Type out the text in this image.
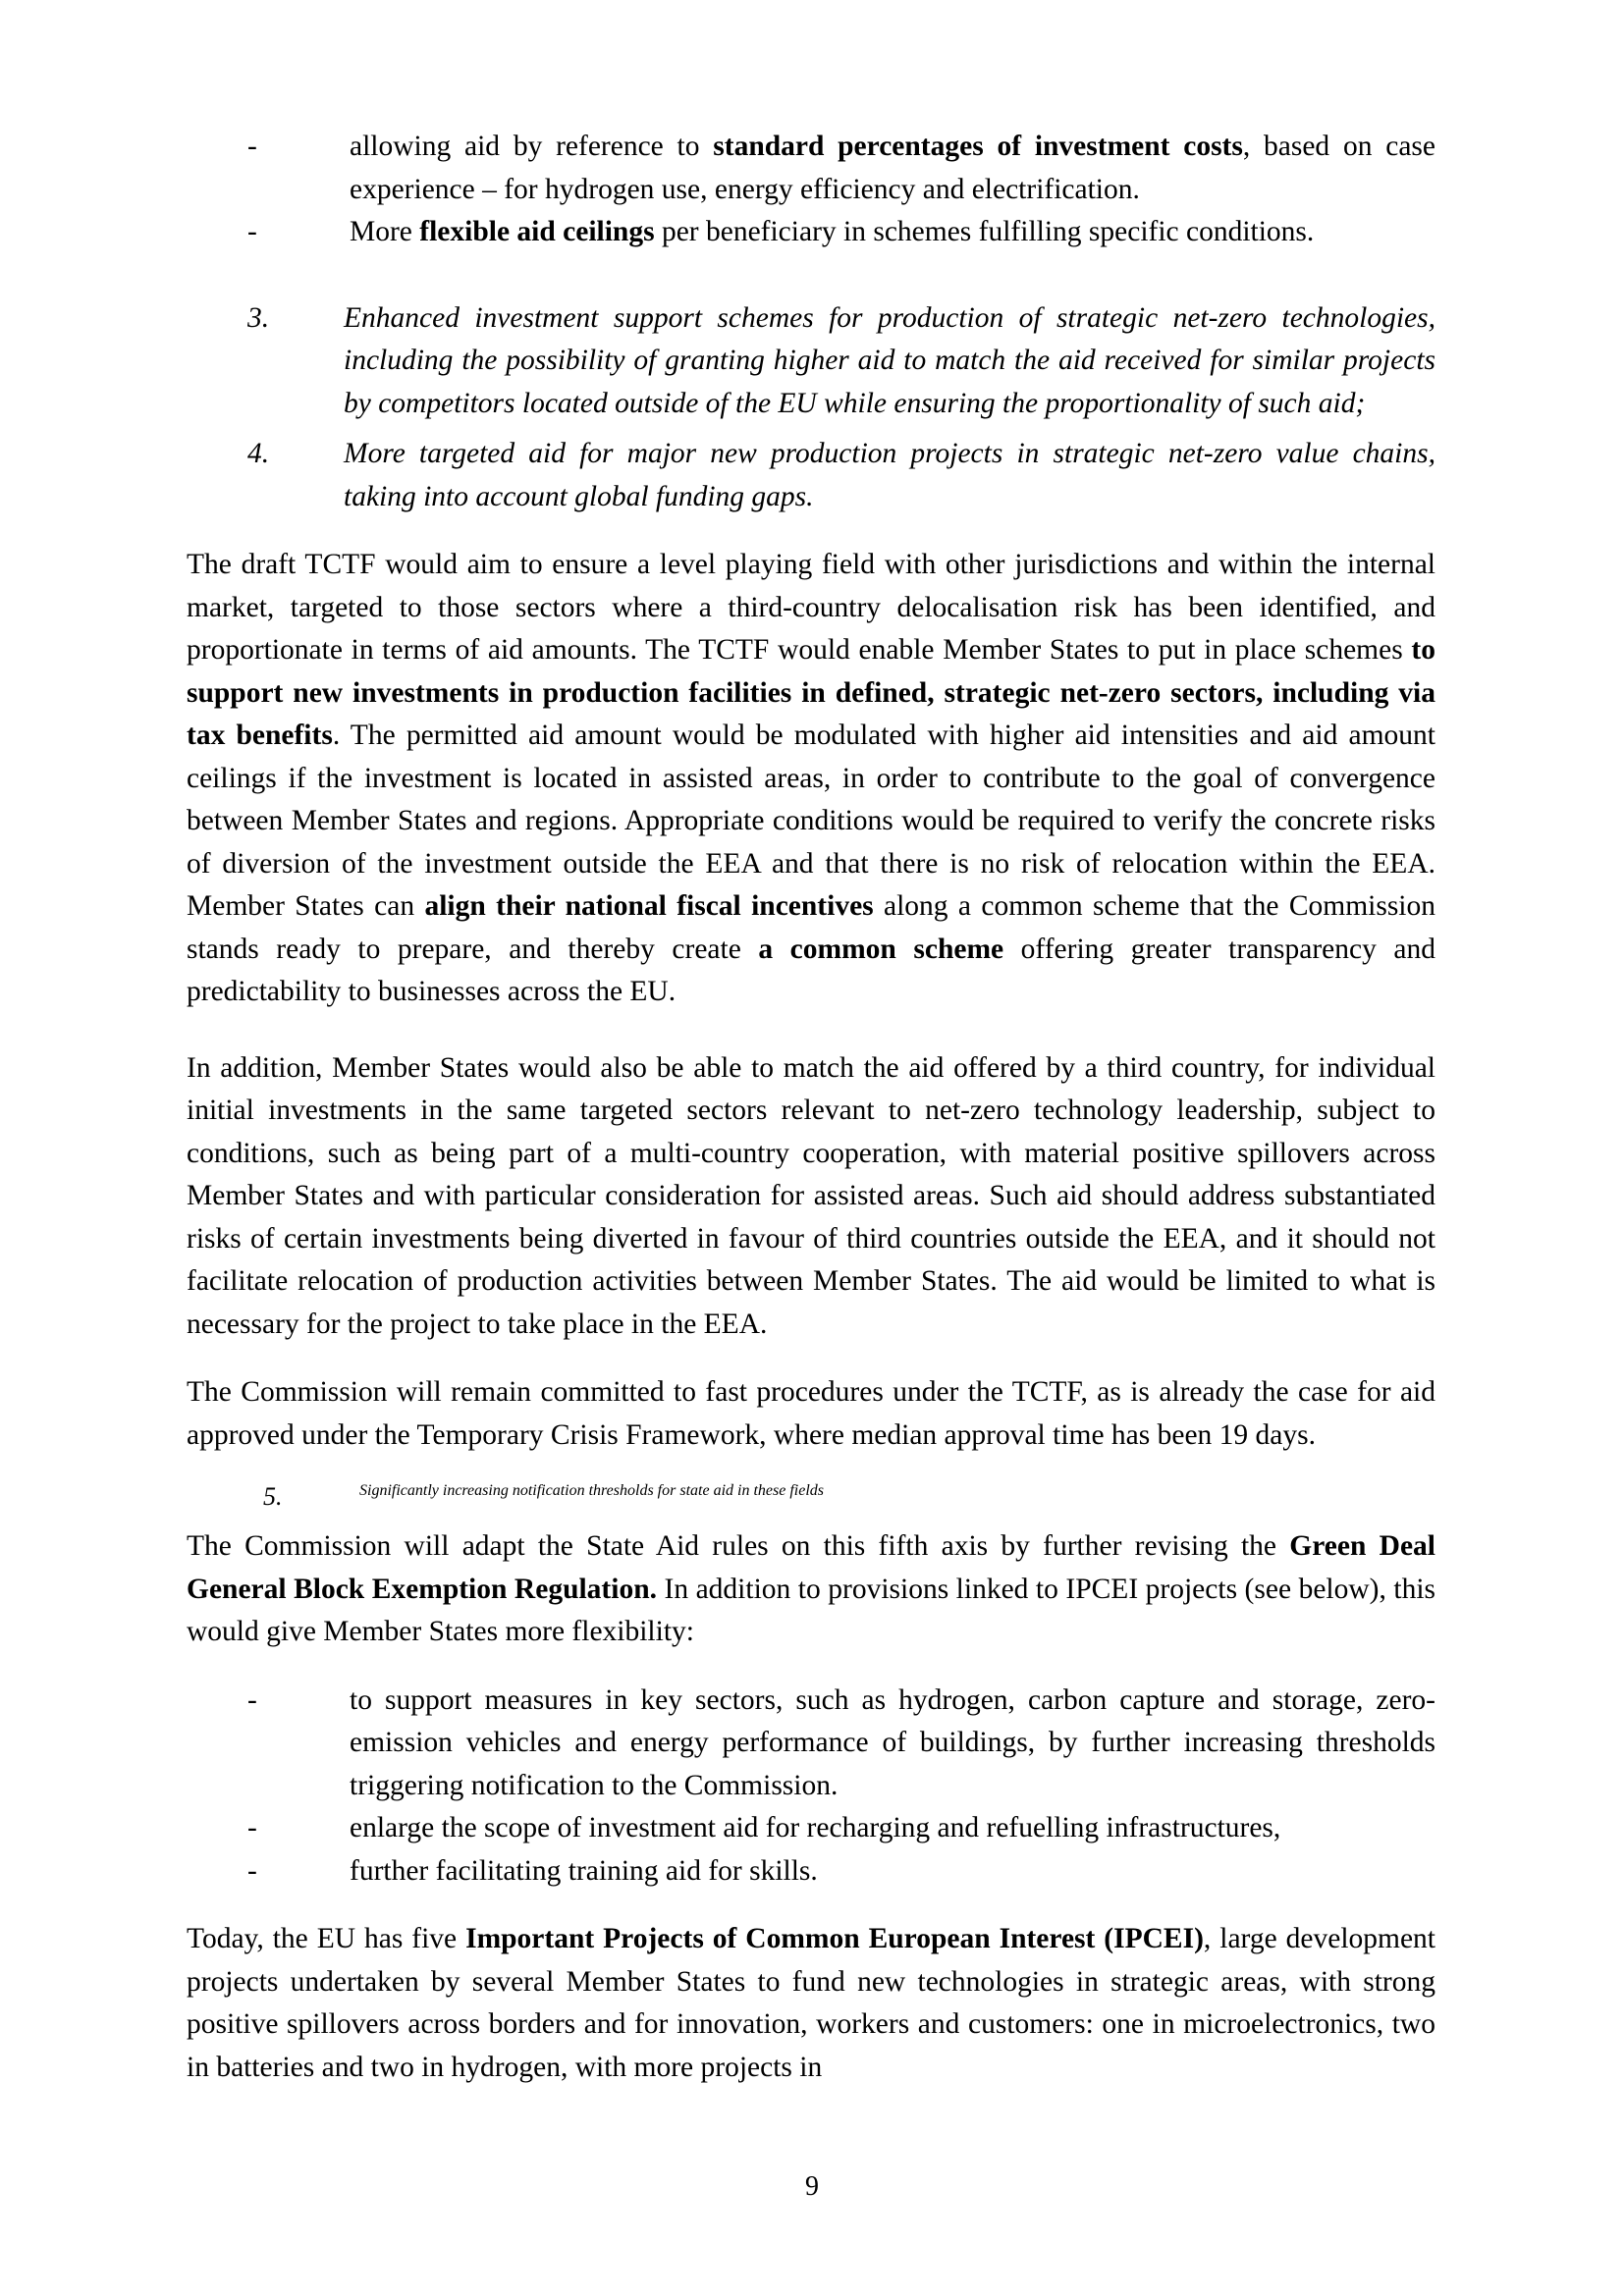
-	allowing aid by reference to standard percentages of investment costs, based on case experience – for hydrogen use, energy efficiency and electrification.
-	More flexible aid ceilings per beneficiary in schemes fulfilling specific conditions.
3.	Enhanced investment support schemes for production of strategic net-zero technologies, including the possibility of granting higher aid to match the aid received for similar projects by competitors located outside of the EU while ensuring the proportionality of such aid;
4.	More targeted aid for major new production projects in strategic net-zero value chains, taking into account global funding gaps.

The draft TCTF would aim to ensure a level playing field with other jurisdictions and within the internal market, targeted to those sectors where a third-country delocalisation risk has been identified, and proportionate in terms of aid amounts. The TCTF would enable Member States to put in place schemes to support new investments in production facilities in defined, strategic net-zero sectors, including via tax benefits. The permitted aid amount would be modulated with higher aid intensities and aid amount ceilings if the investment is located in assisted areas, in order to contribute to the goal of convergence between Member States and regions. Appropriate conditions would be required to verify the concrete risks of diversion of the investment outside the EEA and that there is no risk of relocation within the EEA. Member States can align their national fiscal incentives along a common scheme that the Commission stands ready to prepare, and thereby create a common scheme offering greater transparency and predictability to businesses across the EU.

In addition, Member States would also be able to match the aid offered by a third country, for individual initial investments in the same targeted sectors relevant to net-zero technology leadership, subject to conditions, such as being part of a multi-country cooperation, with material positive spillovers across Member States and with particular consideration for assisted areas. Such aid should address substantiated risks of certain investments being diverted in favour of third countries outside the EEA, and it should not facilitate relocation of production activities between Member States. The aid would be limited to what is necessary for the project to take place in the EEA.

The Commission will remain committed to fast procedures under the TCTF, as is already the case for aid approved under the Temporary Crisis Framework, where median approval time has been 19 days.

5.	Significantly increasing notification thresholds for state aid in these fields

The Commission will adapt the State Aid rules on this fifth axis by further revising the Green Deal General Block Exemption Regulation. In addition to provisions linked to IPCEI projects (see below), this would give Member States more flexibility:

-	to support measures in key sectors, such as hydrogen, carbon capture and storage, zero-emission vehicles and energy performance of buildings, by further increasing thresholds triggering notification to the Commission.
-	enlarge the scope of investment aid for recharging and refuelling infrastructures,
-	further facilitating training aid for skills.

Today, the EU has five Important Projects of Common European Interest (IPCEI), large development projects undertaken by several Member States to fund new technologies in strategic areas, with strong positive spillovers across borders and for innovation, workers and customers: one in microelectronics, two in batteries and two in hydrogen, with more projects in

9
